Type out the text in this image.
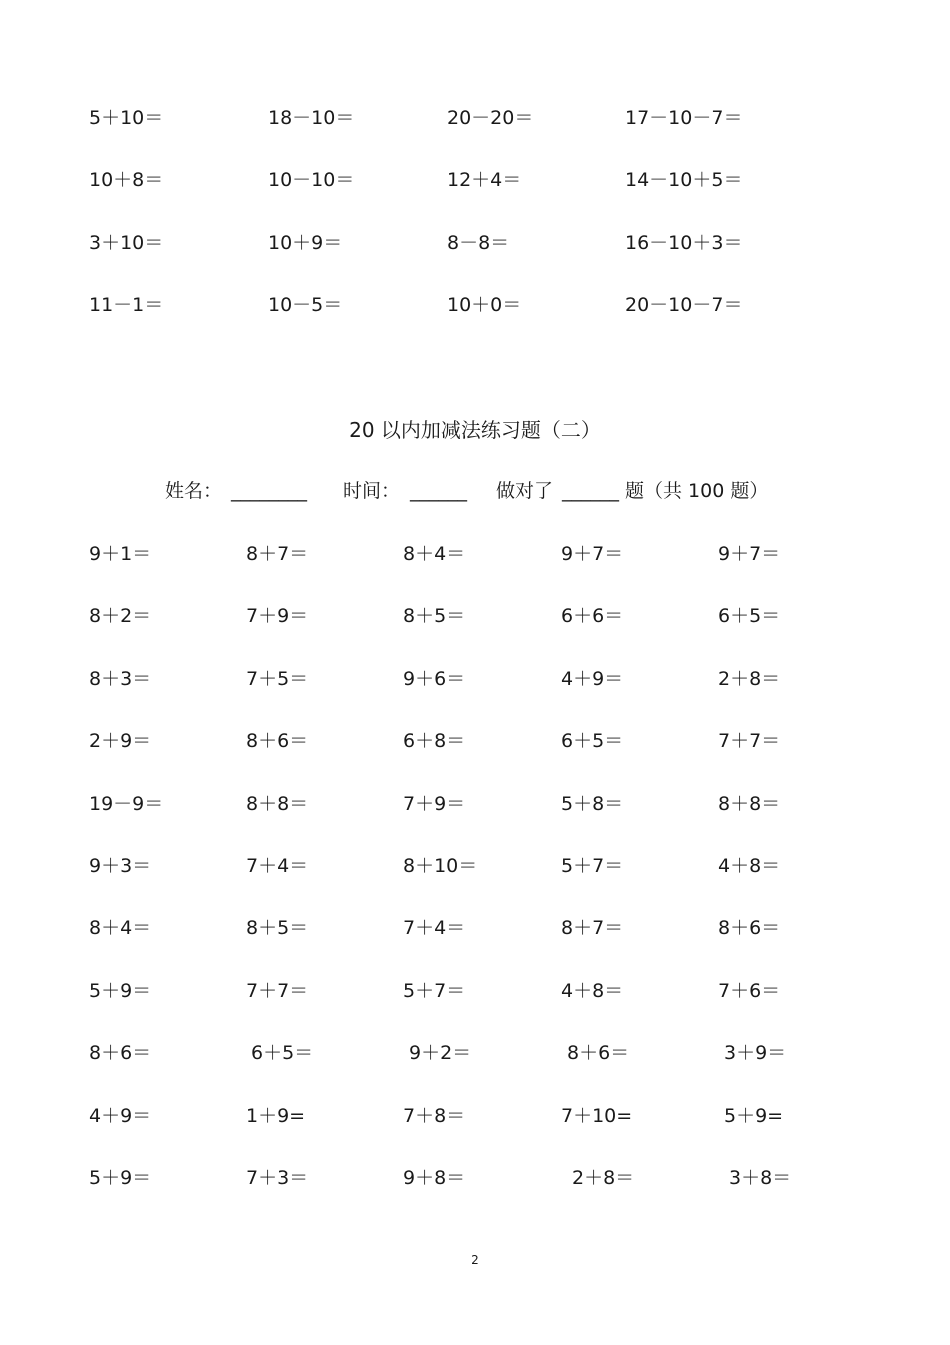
5＋10＝	18－10＝	20－20＝	17－10－7＝
10＋8＝	10－10＝	12＋4＝	14－10＋5＝
3＋10＝	10＋9＝	8－8＝	16－10＋3＝
11－1＝	10－5＝	10＋0＝	20－10－7＝
20 以内加减法练习题（二）
姓名： ________ 时间： ______ 做对了 ______ 题（共 100 题）
9＋1＝	8＋7＝	8＋4＝	9＋7＝	9＋7＝
8＋2＝	7＋9＝	8＋5＝	6＋6＝	6＋5＝
8＋3＝	7＋5＝	9＋6＝	4＋9＝	2＋8＝
2＋9＝	8＋6＝	6＋8＝	6＋5＝	7＋7＝
19－9＝	8＋8＝	7＋9＝	5＋8＝	8＋8＝
9＋3＝	7＋4＝	8＋10＝	5＋7＝	4＋8＝
8＋4＝	8＋5＝	7＋4＝	8＋7＝	8＋6＝
5＋9＝	7＋7＝	5＋7＝	4＋8＝	7＋6＝
8＋6＝	6＋5＝	9＋2＝	8＋6＝	3＋9＝
4＋9＝	1＋9=	7＋8＝	7＋10=	5＋9=
5＋9＝	7＋3＝	9＋8＝	2＋8＝	3＋8＝
2
